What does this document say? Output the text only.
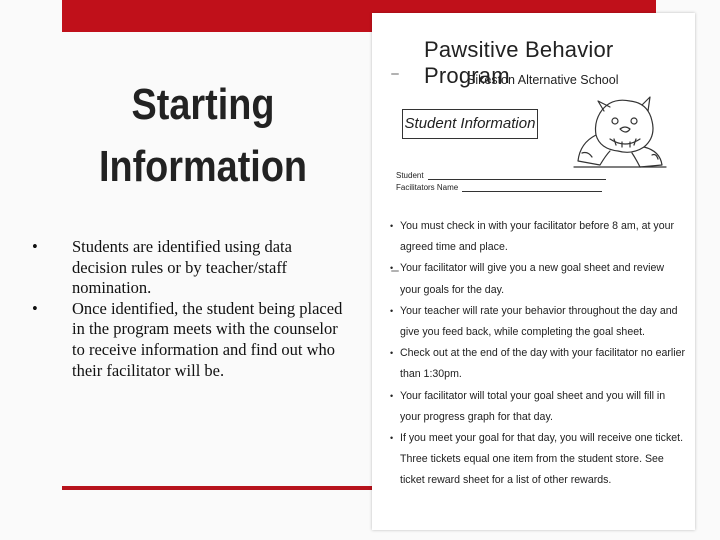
Starting
Information
• Students are identified using data decision rules or by teacher/staff nomination.
• Once identified, the student being placed in the program meets with the counselor to receive information and find out who their facilitator will be.
Pawsitive Behavior Program
Sikeston Alternative School
Student Information
Student
Facilitators Name
• You must check in with your facilitator before 8 am, at your agreed time and place.
• Your facilitator will give you a new goal sheet and review your goals for the day.
• Your teacher will rate your behavior throughout the day and give you feed back, while completing the goal sheet.
• Check out at the end of the day with your facilitator no earlier than 1:30pm.
• Your facilitator will total your goal sheet and you will fill in your progress graph for that day.
• If you meet your goal for that day, you will receive one ticket. Three tickets equal one item from the student store. See ticket reward sheet for a list of other rewards.
